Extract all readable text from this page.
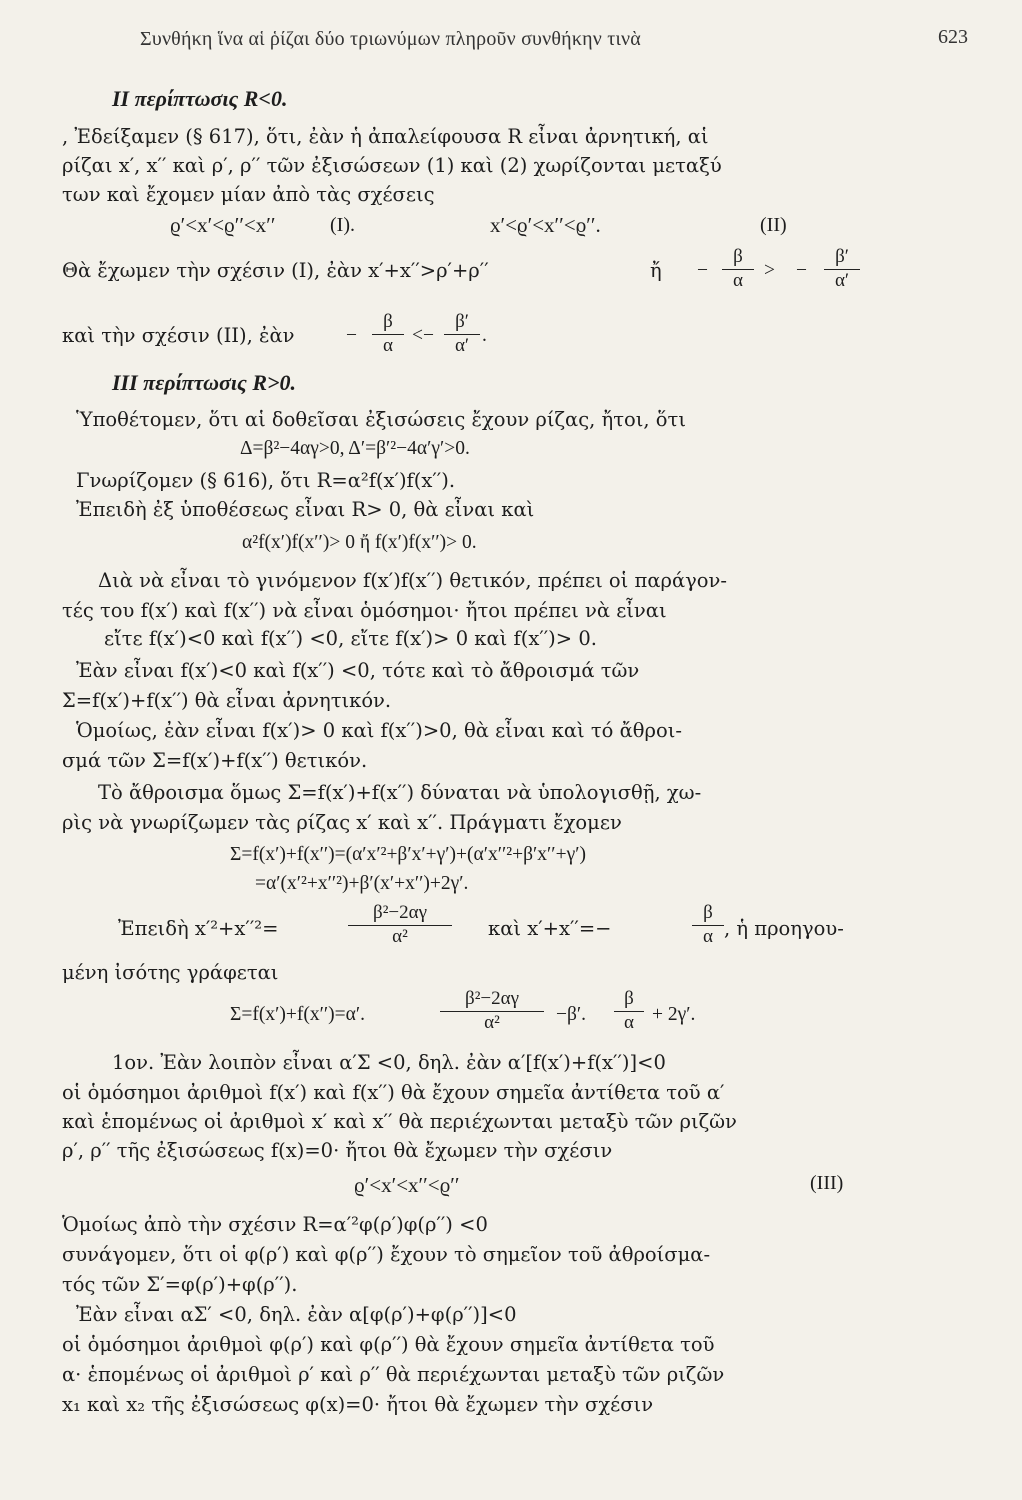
Συνθήκη ἵνα αἱ ῥίζαι δύο τριωνύμων πληροῦν συνθήκην τινὰ	623
II περίπτωσις R<0.
, Ἐδείξαμεν (§ 617), ὅτι, ἐὰν ἡ ἀπαλείφουσα R εἶναι ἀρνητική, αἱ
ρίζαι x′, x′′ καὶ ρ′, ρ′′ τῶν ἐξισώσεων (1) καὶ (2) χωρίζονται μεταξύ
των καὶ ἔχομεν μίαν ἀπὸ τὰς σχέσεις
ϱ′<x′<ϱ′′<x′′	(I).	x′<ϱ′<x′′<ϱ′′.	(II)
Θὰ ἔχωμεν τὴν σχέσιν (I), ἐὰν x′+x′′>ρ′+ρ′′	ἤ −
β
α	> −
β′
α′
καὶ τὴν σχέσιν (II), ἐὰν	−
β
α <−
β′
α′ .
III περίπτωσις R>0.
Ὑποθέτομεν, ὅτι αἱ δοθεῖσαι ἐξισώσεις ἔχουν ρίζας, ἤτοι, ὅτι
Δ=β²−4αγ>0, Δ′=β′²−4α′γ′>0.
Γνωρίζομεν (§ 616), ὅτι R=α²f(x′)f(x′′).
Ἐπειδὴ ἐξ ὑποθέσεως εἶναι R> 0, θὰ εἶναι καὶ
α²f(x′)f(x′′)> 0 ἤ f(x′)f(x′′)> 0.
Διὰ νὰ εἶναι τὸ γινόμενον f(x′)f(x′′) θετικόν, πρέπει οἱ παράγον-
τές του f(x′) καὶ f(x′′) νὰ εἶναι ὁμόσημοι· ἤτοι πρέπει νὰ εἶναι
εἴτε f(x′)<0 καὶ f(x′′) <0, εἴτε f(x′)> 0 καὶ f(x′′)> 0.
Ἐὰν εἶναι f(x′)<0 καὶ f(x′′) <0, τότε καὶ τὸ ἄθροισμά τῶν
Σ=f(x′)+f(x′′) θὰ εἶναι ἀρνητικόν.
Ὁμοίως, ἐὰν εἶναι f(x′)> 0 καὶ f(x′′)>0, θὰ εἶναι καὶ τό ἄθροι-
σμά τῶν Σ=f(x′)+f(x′′) θετικόν.
Τὸ ἄθροισμα ὅμως Σ=f(x′)+f(x′′) δύναται νὰ ὑπολογισθῇ, χω-
ρὶς νὰ γνωρίζωμεν τὰς ρίζας x′ καὶ x′′. Πράγματι ἔχομεν
Σ=f(x′)+f(x′′)=(α′x′²+β′x′+γ′)+(α′x′′²+β′x′′+γ′)
=α′(x′²+x′′²)+β′(x′+x′′)+2γ′.
Ἐπειδὴ x′²+x′′²=
β²−2αγ
α²	καὶ x′+x′′=−
β
α , ἡ προηγου-
μένη ἰσότης γράφεται
Σ=f(x′)+f(x′′)=α′.
β²−2αγ
α²	−β′.
β
α + 2γ′.
1ον. Ἐὰν λοιπὸν εἶναι α′Σ <0, δηλ. ἐὰν α′[f(x′)+f(x′′)]<0
οἱ ὁμόσημοι ἀριθμοὶ f(x′) καὶ f(x′′) θὰ ἔχουν σημεῖα ἀντίθετα τοῦ α′
καὶ ἑπομένως οἱ ἀριθμοὶ x′ καὶ x′′ θὰ περιέχωνται μεταξὺ τῶν ριζῶν
ρ′, ρ′′ τῆς ἐξισώσεως f(x)=0· ἤτοι θὰ ἔχωμεν τὴν σχέσιν
ϱ′<x′<x′′<ϱ′′	(III)
Ὁμοίως ἀπὸ τὴν σχέσιν R=α′²φ(ρ′)φ(ρ′′) <0
συνάγομεν, ὅτι οἱ φ(ρ′) καὶ φ(ρ′′) ἔχουν τὸ σημεῖον τοῦ ἀθροίσμα-
τός τῶν Σ′=φ(ρ′)+φ(ρ′′).
Ἐὰν εἶναι αΣ′ <0, δηλ. ἐὰν α[φ(ρ′)+φ(ρ′′)]<0
οἱ ὁμόσημοι ἀριθμοὶ φ(ρ′) καὶ φ(ρ′′) θὰ ἔχουν σημεῖα ἀντίθετα τοῦ
α· ἑπομένως οἱ ἀριθμοὶ ρ′ καὶ ρ′′ θὰ περιέχωνται μεταξὺ τῶν ριζῶν
x₁ καὶ x₂ τῆς ἐξισώσεως φ(x)=0· ἤτοι θὰ ἔχωμεν τὴν σχέσιν
